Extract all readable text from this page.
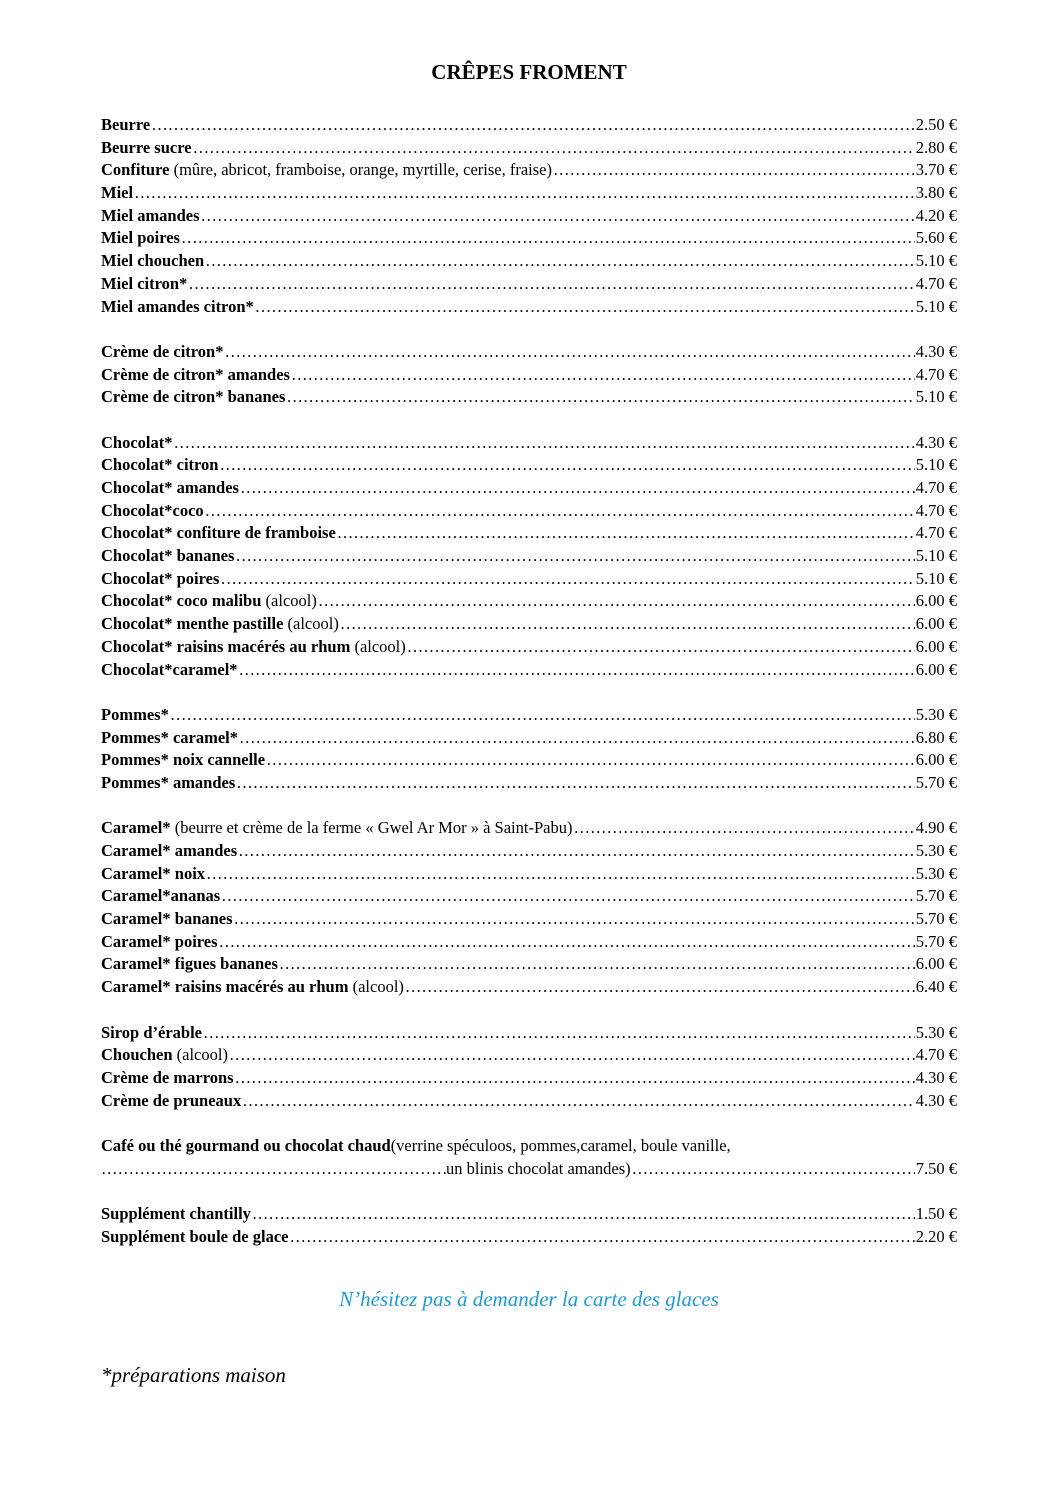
CRÊPES FROMENT
Beurre ……………………………………………………………………………………………………………………………………………………………………………………………………………………	2.50 €
Beurre sucre ……………………………………………………………………………………………………………………………………………………………………………………………………………………	2.80 €
Confiture (mûre, abricot, framboise, orange, myrtille, cerise, fraise) ……………………………………………………………………………………………………………………………………………………………………………………………………………………	3.70 €
Miel ……………………………………………………………………………………………………………………………………………………………………………………………………………………	3.80 €
Miel amandes ……………………………………………………………………………………………………………………………………………………………………………………………………………………	4.20 €
Miel poires ……………………………………………………………………………………………………………………………………………………………………………………………………………………	5.60 €
Miel chouchen ……………………………………………………………………………………………………………………………………………………………………………………………………………………	5.10 €
Miel citron* ……………………………………………………………………………………………………………………………………………………………………………………………………………………	4.70 €
Miel amandes citron* ……………………………………………………………………………………………………………………………………………………………………………………………………………………	5.10 €
Crème de citron* ……………………………………………………………………………………………………………………………………………………………………………………………………………………	4.30 €
Crème de citron* amandes ……………………………………………………………………………………………………………………………………………………………………………………………………………………	4.70 €
Crème de citron* bananes ……………………………………………………………………………………………………………………………………………………………………………………………………………………	5.10 €
Chocolat* ……………………………………………………………………………………………………………………………………………………………………………………………………………………	4.30 €
Chocolat* citron ……………………………………………………………………………………………………………………………………………………………………………………………………………………	5.10 €
Chocolat* amandes ……………………………………………………………………………………………………………………………………………………………………………………………………………………	4.70 €
Chocolat*coco ……………………………………………………………………………………………………………………………………………………………………………………………………………………	4.70 €
Chocolat* confiture de framboise ……………………………………………………………………………………………………………………………………………………………………………………………………………………	4.70 €
Chocolat* bananes ……………………………………………………………………………………………………………………………………………………………………………………………………………………	5.10 €
Chocolat* poires ……………………………………………………………………………………………………………………………………………………………………………………………………………………	5.10 €
Chocolat* coco malibu (alcool) ……………………………………………………………………………………………………………………………………………………………………………………………………………………	6.00 €
Chocolat* menthe pastille (alcool) ……………………………………………………………………………………………………………………………………………………………………………………………………………………	6.00 €
Chocolat* raisins macérés au rhum (alcool) ……………………………………………………………………………………………………………………………………………………………………………………………………………………	6.00 €
Chocolat*caramel* ……………………………………………………………………………………………………………………………………………………………………………………………………………………	6.00 €
Pommes* ……………………………………………………………………………………………………………………………………………………………………………………………………………………	5.30 €
Pommes* caramel* ……………………………………………………………………………………………………………………………………………………………………………………………………………………	6.80 €
Pommes* noix cannelle ……………………………………………………………………………………………………………………………………………………………………………………………………………………	6.00 €
Pommes* amandes ……………………………………………………………………………………………………………………………………………………………………………………………………………………	5.70 €
Caramel* (beurre et crème de la ferme « Gwel Ar Mor » à Saint-Pabu) ……………………………………………………………………………………………………………………………………………………………………………………………………………………	4.90 €
Caramel* amandes ……………………………………………………………………………………………………………………………………………………………………………………………………………………	5.30 €
Caramel* noix ……………………………………………………………………………………………………………………………………………………………………………………………………………………	5.30 €
Caramel*ananas ……………………………………………………………………………………………………………………………………………………………………………………………………………………	5.70 €
Caramel* bananes ……………………………………………………………………………………………………………………………………………………………………………………………………………………	5.70 €
Caramel* poires ……………………………………………………………………………………………………………………………………………………………………………………………………………………	5.70 €
Caramel* figues bananes ……………………………………………………………………………………………………………………………………………………………………………………………………………………	6.00 €
Caramel* raisins macérés au rhum (alcool) ……………………………………………………………………………………………………………………………………………………………………………………………………………………	6.40 €
Sirop d’érable ……………………………………………………………………………………………………………………………………………………………………………………………………………………	5.30 €
Chouchen (alcool) ……………………………………………………………………………………………………………………………………………………………………………………………………………………	4.70 €
Crème de marrons ……………………………………………………………………………………………………………………………………………………………………………………………………………………	4.30 €
Crème de pruneaux ……………………………………………………………………………………………………………………………………………………………………………………………………………………	4.30 €
Café ou thé gourmand ou chocolat chaud (verrine spéculoos, pommes,caramel, boule vanille,
……………………………………………………………………………………………………………………………………………………………………………………………………………………
un blinis chocolat amandes) ……………………………………………………………………………………………………………………………………………………………………………………………………………………	7.50 €
Supplément chantilly ……………………………………………………………………………………………………………………………………………………………………………………………………………………	1.50 €
Supplément boule de glace ……………………………………………………………………………………………………………………………………………………………………………………………………………………	2.20 €
N’hésitez pas à demander la carte des glaces
*préparations maison
